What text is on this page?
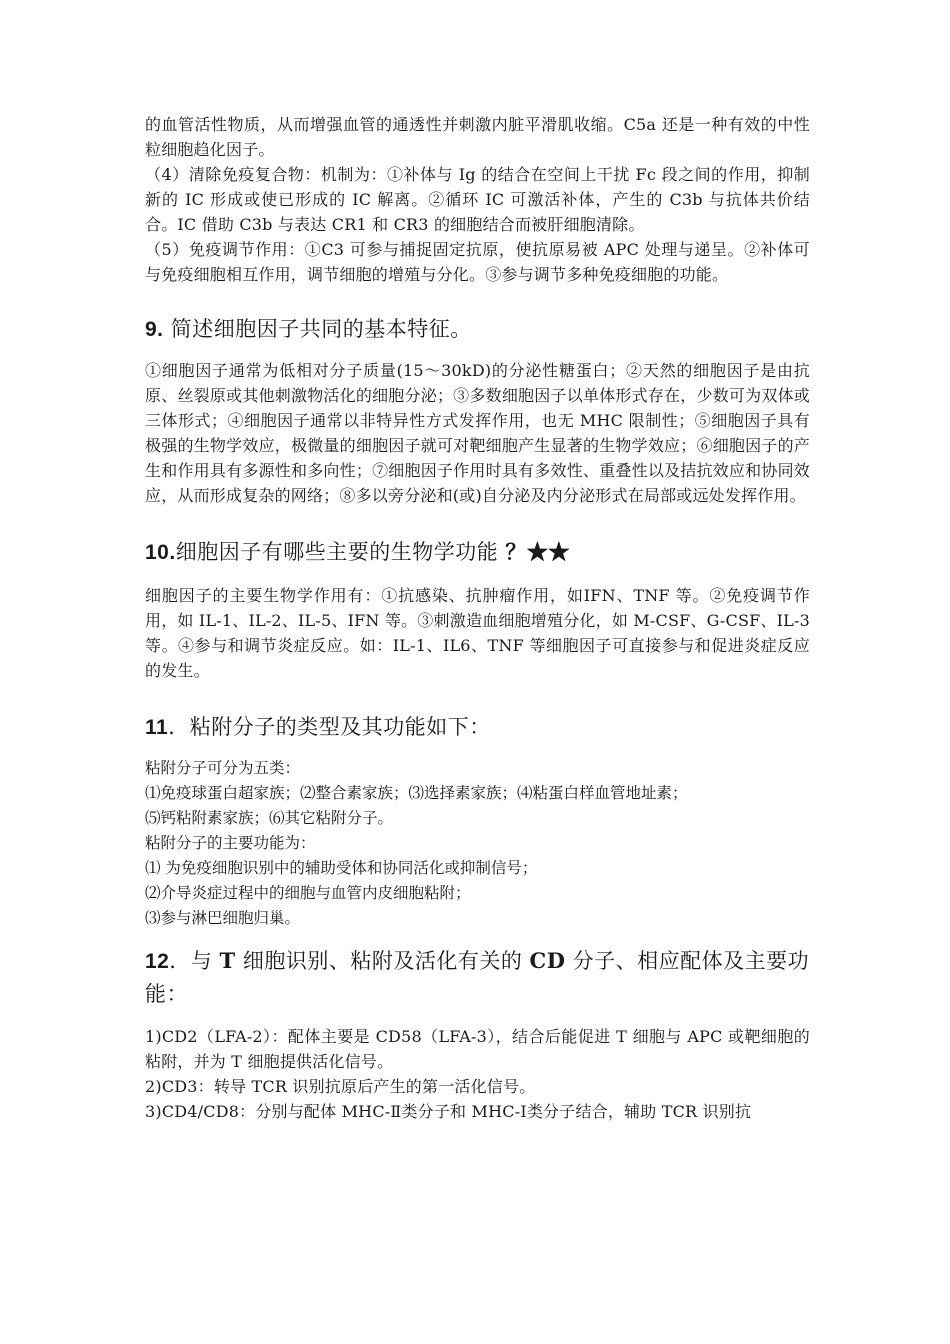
的血管活性物质，从而增强血管的通透性并刺激内脏平滑肌收缩。C5a 还是一种有效的中性粒细胞趋化因子。

（4）清除免疫复合物：机制为：①补体与 Ig 的结合在空间上干扰 Fc 段之间的作用，抑制新的 IC 形成或使已形成的 IC 解离。②循环 IC 可激活补体，产生的 C3b 与抗体共价结合。IC 借助 C3b 与表达 CR1 和 CR3 的细胞结合而被肝细胞清除。

（5）免疫调节作用：①C3 可参与捕捉固定抗原，使抗原易被 APC 处理与递呈。②补体可与免疫细胞相互作用，调节细胞的增殖与分化。③参与调节多种免疫细胞的功能。

9. 简述细胞因子共同的基本特征。

①细胞因子通常为低相对分子质量(15～30kD)的分泌性糖蛋白；②天然的细胞因子是由抗原、丝裂原或其他刺激物活化的细胞分泌；③多数细胞因子以单体形式存在，少数可为双体或三体形式；④细胞因子通常以非特异性方式发挥作用，也无 MHC 限制性；⑤细胞因子具有极强的生物学效应，极微量的细胞因子就可对靶细胞产生显著的生物学效应；⑥细胞因子的产生和作用具有多源性和多向性；⑦细胞因子作用时具有多效性、重叠性以及拮抗效应和协同效应，从而形成复杂的网络；⑧多以旁分泌和(或)自分泌及内分泌形式在局部或远处发挥作用。

10.细胞因子有哪些主要的生物学功能 ？★★

细胞因子的主要生物学作用有：①抗感染、抗肿瘤作用，如IFN、TNF 等。②免疫调节作用，如 IL-1、IL-2、IL-5、IFN 等。③刺激造血细胞增殖分化，如 M-CSF、G-CSF、IL-3 等。④参与和调节炎症反应。如：IL-1、IL6、TNF 等细胞因子可直接参与和促进炎症反应的发生。

11．粘附分子的类型及其功能如下：

粘附分子可分为五类：

⑴免疫球蛋白超家族；⑵整合素家族；⑶选择素家族；⑷粘蛋白样血管地址素；

⑸钙粘附素家族；⑹其它粘附分子。

粘附分子的主要功能为：

⑴ 为免疫细胞识别中的辅助受体和协同活化或抑制信号；

⑵介导炎症过程中的细胞与血管内皮细胞粘附；

⑶参与淋巴细胞归巢。

12．与 T 细胞识别、粘附及活化有关的 CD 分子、相应配体及主要功能：

1)CD2（LFA-2）：配体主要是 CD58（LFA-3），结合后能促进 T 细胞与 APC 或靶细胞的粘附，并为 T 细胞提供活化信号。

2)CD3：转导 TCR 识别抗原后产生的第一活化信号。

3)CD4/CD8：分别与配体 MHC-Ⅱ类分子和 MHC-Ⅰ类分子结合，辅助 TCR 识别抗
